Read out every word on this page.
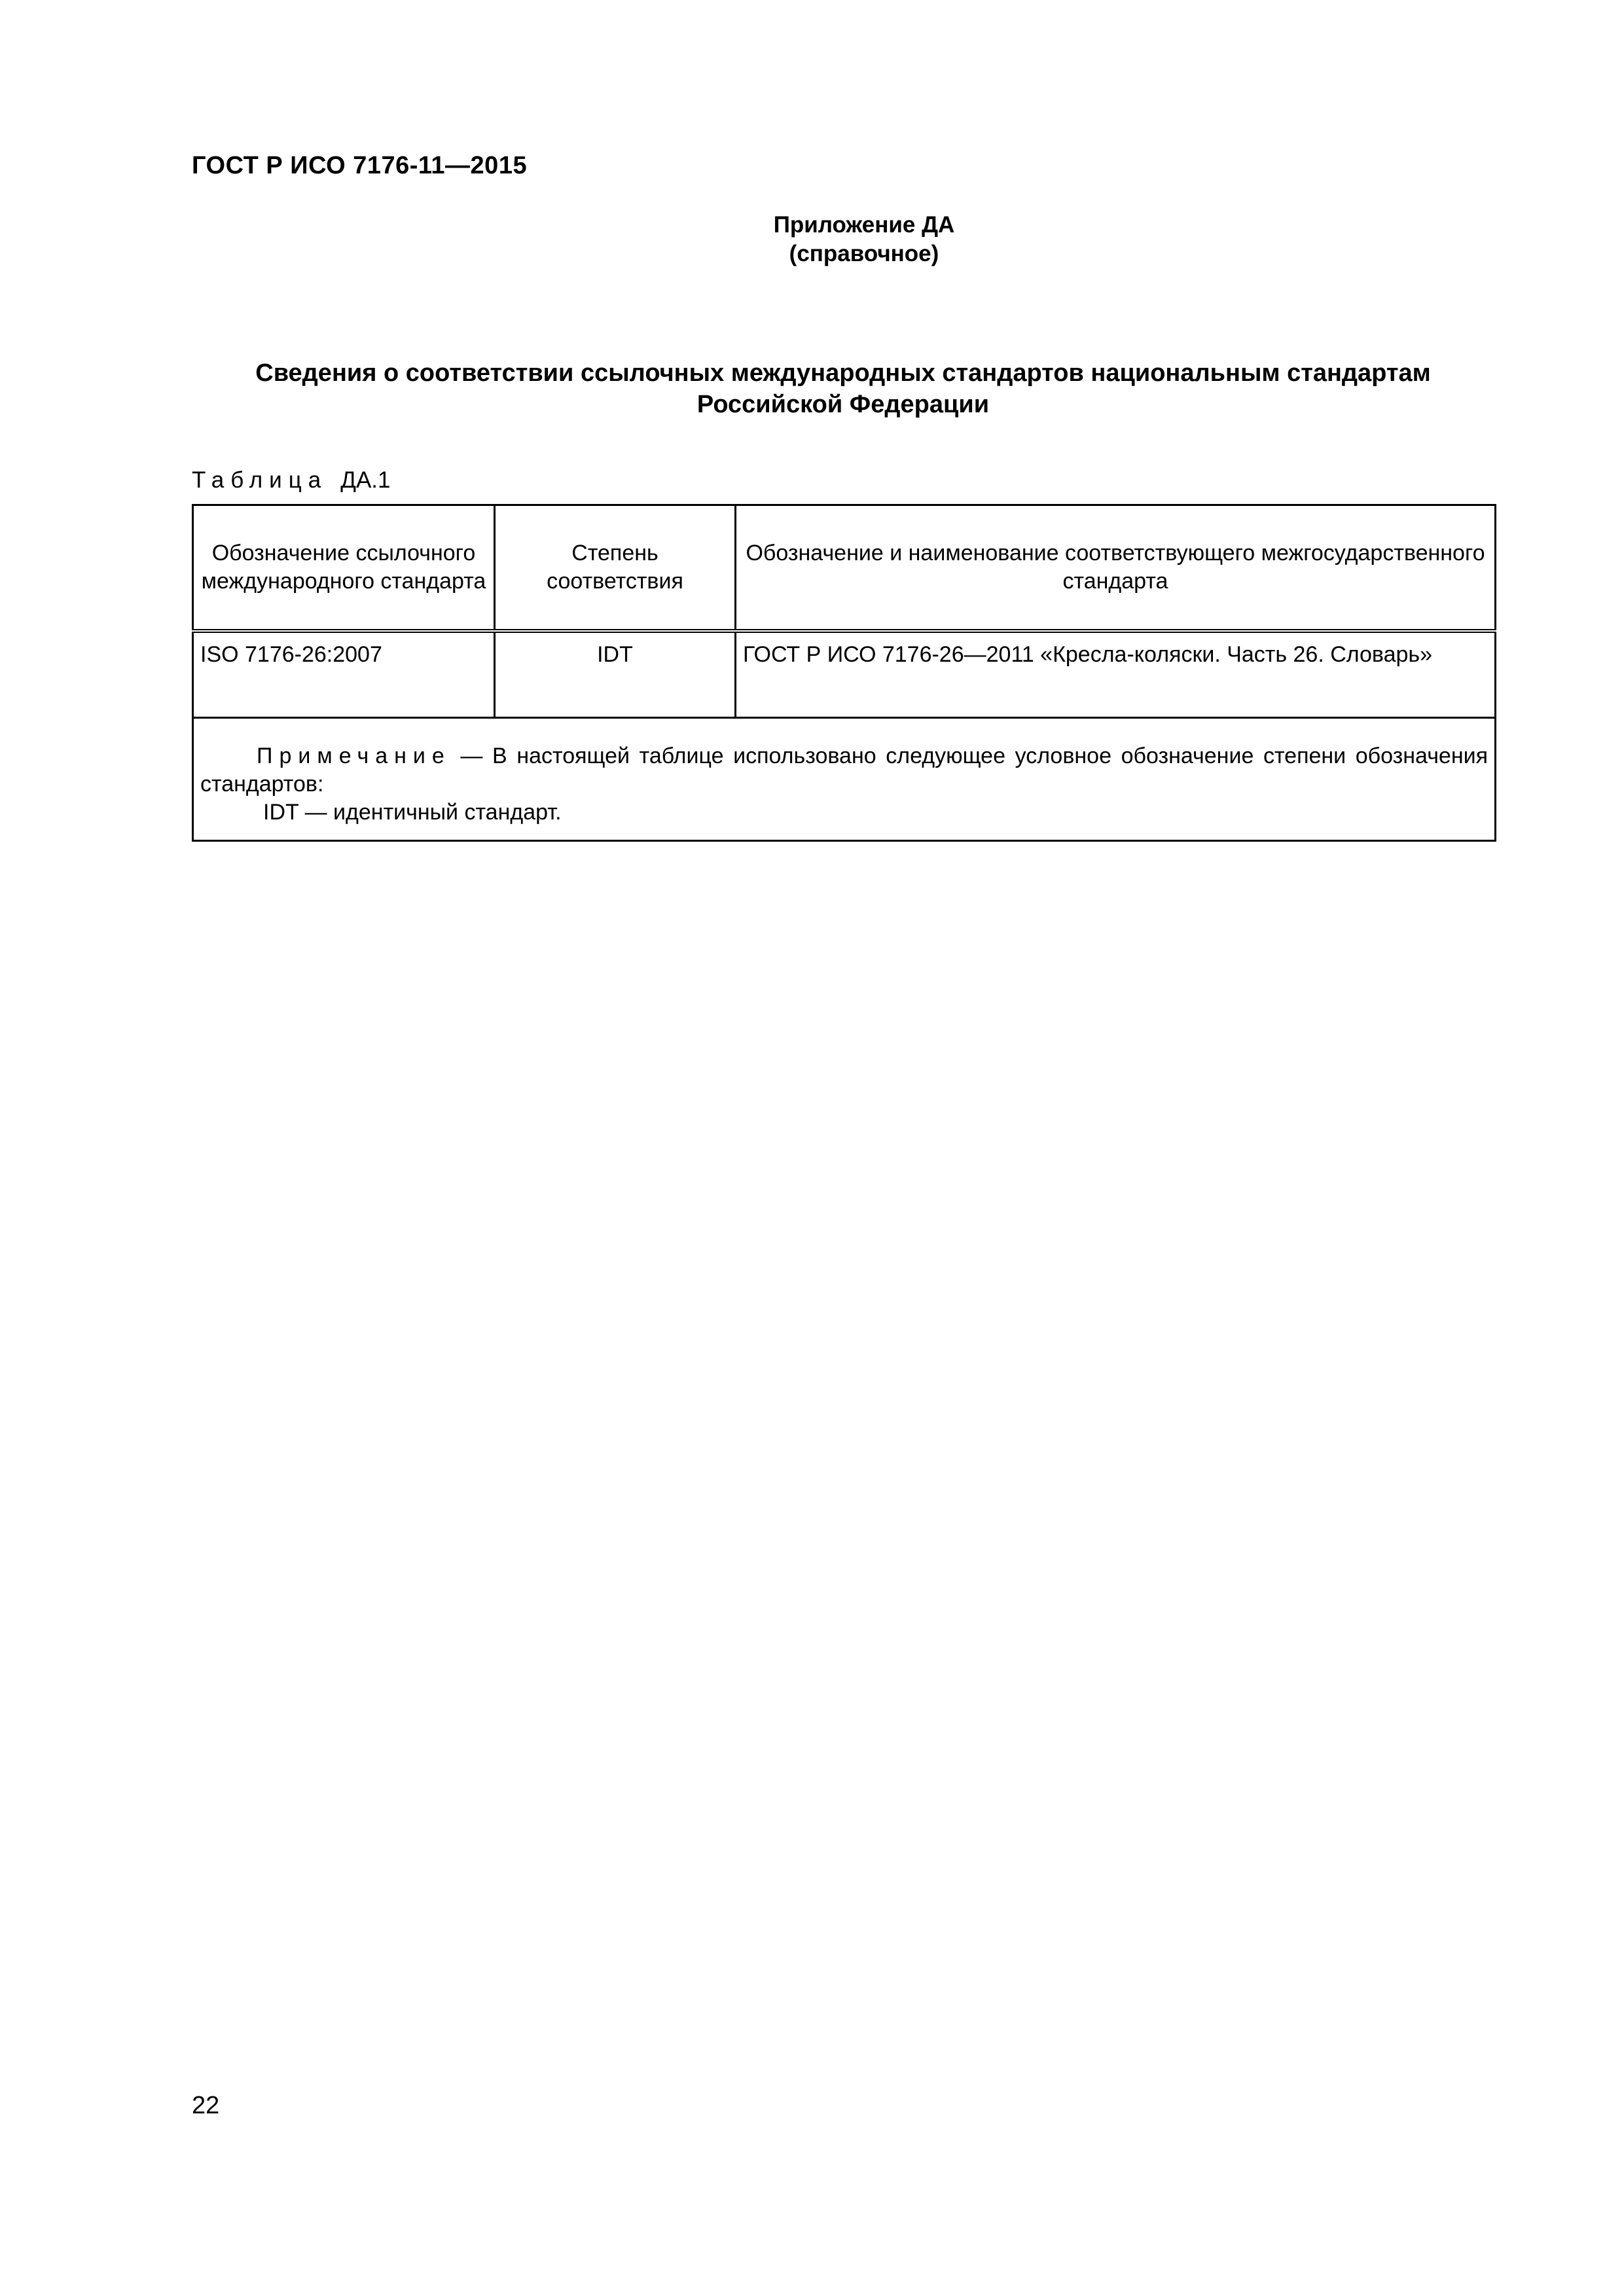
ГОСТ Р ИСО 7176-11—2015
Приложение ДА
(справочное)
Сведения о соответствии ссылочных международных стандартов национальным стандартам Российской Федерации
Таблица ДА.1
Обозначение ссылочного международного стандарта	Степень соответствия	Обозначение и наименование соответствующего межгосударственного стандарта
ISO 7176-26:2007	IDT	ГОСТ Р ИСО 7176-26—2011 «Кресла-коляски. Часть 26. Словарь»
Примечание — В настоящей таблице использовано следующее условное обозначение степени обозначения стандартов:
IDT — идентичный стандарт.		
22
